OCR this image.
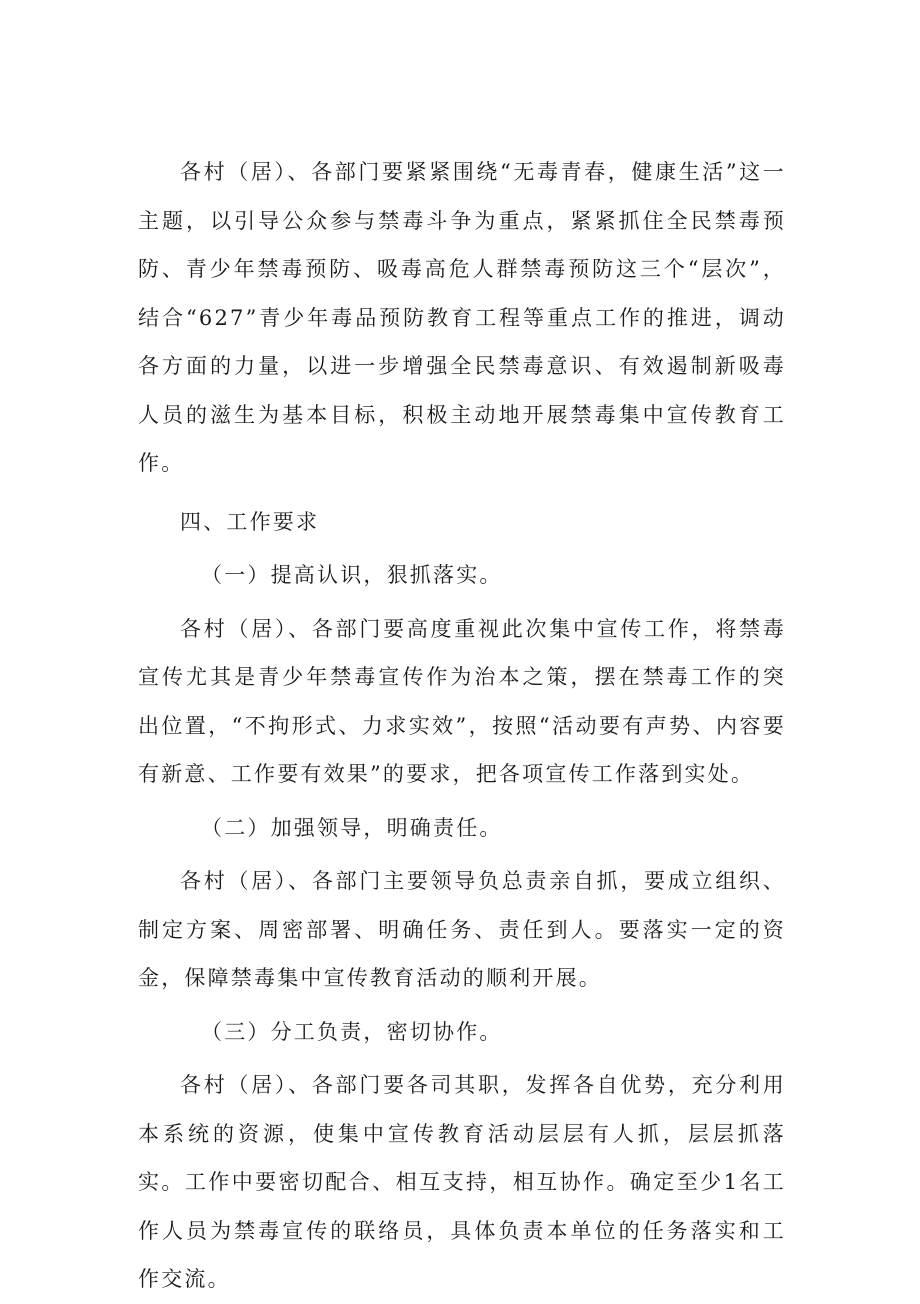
各村（居）、各部门要紧紧围绕“无毒青春，健康生活”这一主题，以引导公众参与禁毒斗争为重点，紧紧抓住全民禁毒预防、青少年禁毒预防、吸毒高危人群禁毒预防这三个“层次”，结合“627”青少年毒品预防教育工程等重点工作的推进，调动各方面的力量，以进一步增强全民禁毒意识、有效遏制新吸毒人员的滋生为基本目标，积极主动地开展禁毒集中宣传教育工作。

四、工作要求

（一）提高认识，狠抓落实。

各村（居）、各部门要高度重视此次集中宣传工作，将禁毒宣传尤其是青少年禁毒宣传作为治本之策，摆在禁毒工作的突出位置，“不拘形式、力求实效”，按照“活动要有声势、内容要有新意、工作要有效果”的要求，把各项宣传工作落到实处。

（二）加强领导，明确责任。

各村（居）、各部门主要领导负总责亲自抓，要成立组织、制定方案、周密部署、明确任务、责任到人。要落实一定的资金，保障禁毒集中宣传教育活动的顺利开展。

（三）分工负责，密切协作。

各村（居）、各部门要各司其职，发挥各自优势，充分利用本系统的资源，使集中宣传教育活动层层有人抓，层层抓落实。工作中要密切配合、相互支持，相互协作。确定至少1名工作人员为禁毒宣传的联络员，具体负责本单位的任务落实和工作交流。
